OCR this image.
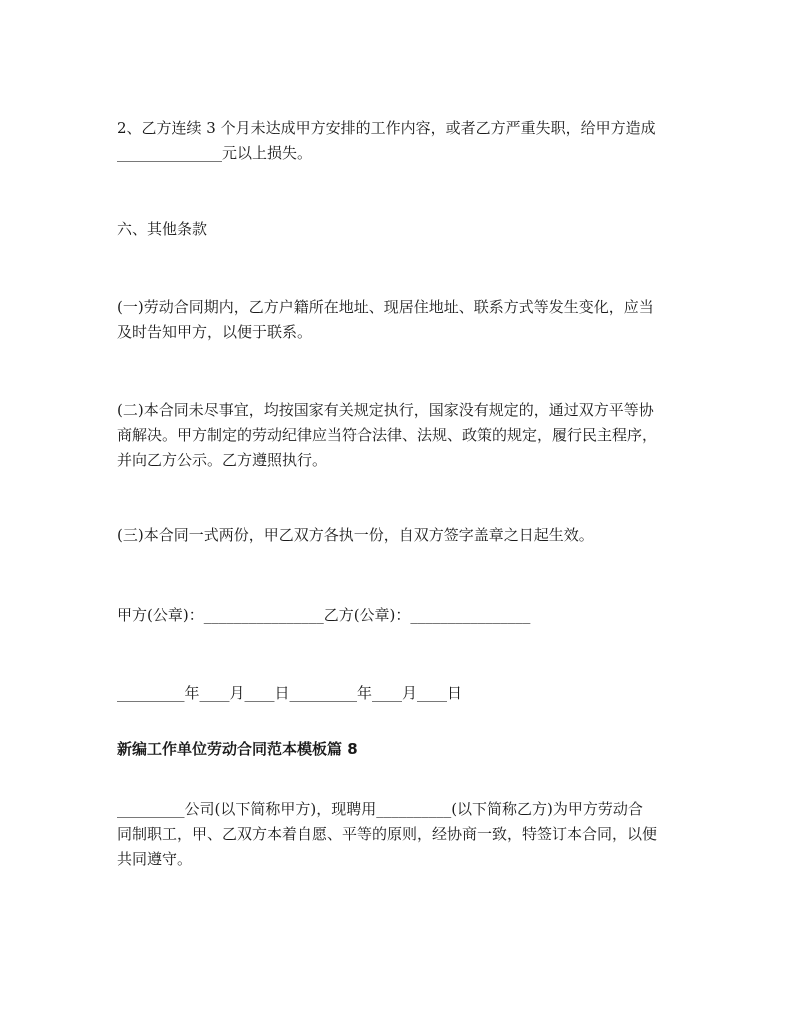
2、乙方连续 3 个月未达成甲方安排的工作内容，或者乙方严重失职，给甲方造成
______________元以上损失。

六、其他条款

(一)劳动合同期内，乙方户籍所在地址、现居住地址、联系方式等发生变化，应当
及时告知甲方，以便于联系。

(二)本合同未尽事宜，均按国家有关规定执行，国家没有规定的，通过双方平等协
商解决。甲方制定的劳动纪律应当符合法律、法规、政策的规定，履行民主程序，
并向乙方公示。乙方遵照执行。

(三)本合同一式两份，甲乙双方各执一份，自双方签字盖章之日起生效。

甲方(公章)：________________乙方(公章)：________________

_________年____月____日_________年____月____日

新编工作单位劳动合同范本模板篇 8

_________公司(以下简称甲方)，现聘用__________(以下简称乙方)为甲方劳动合
同制职工，甲、乙双方本着自愿、平等的原则，经协商一致，特签订本合同，以便
共同遵守。
